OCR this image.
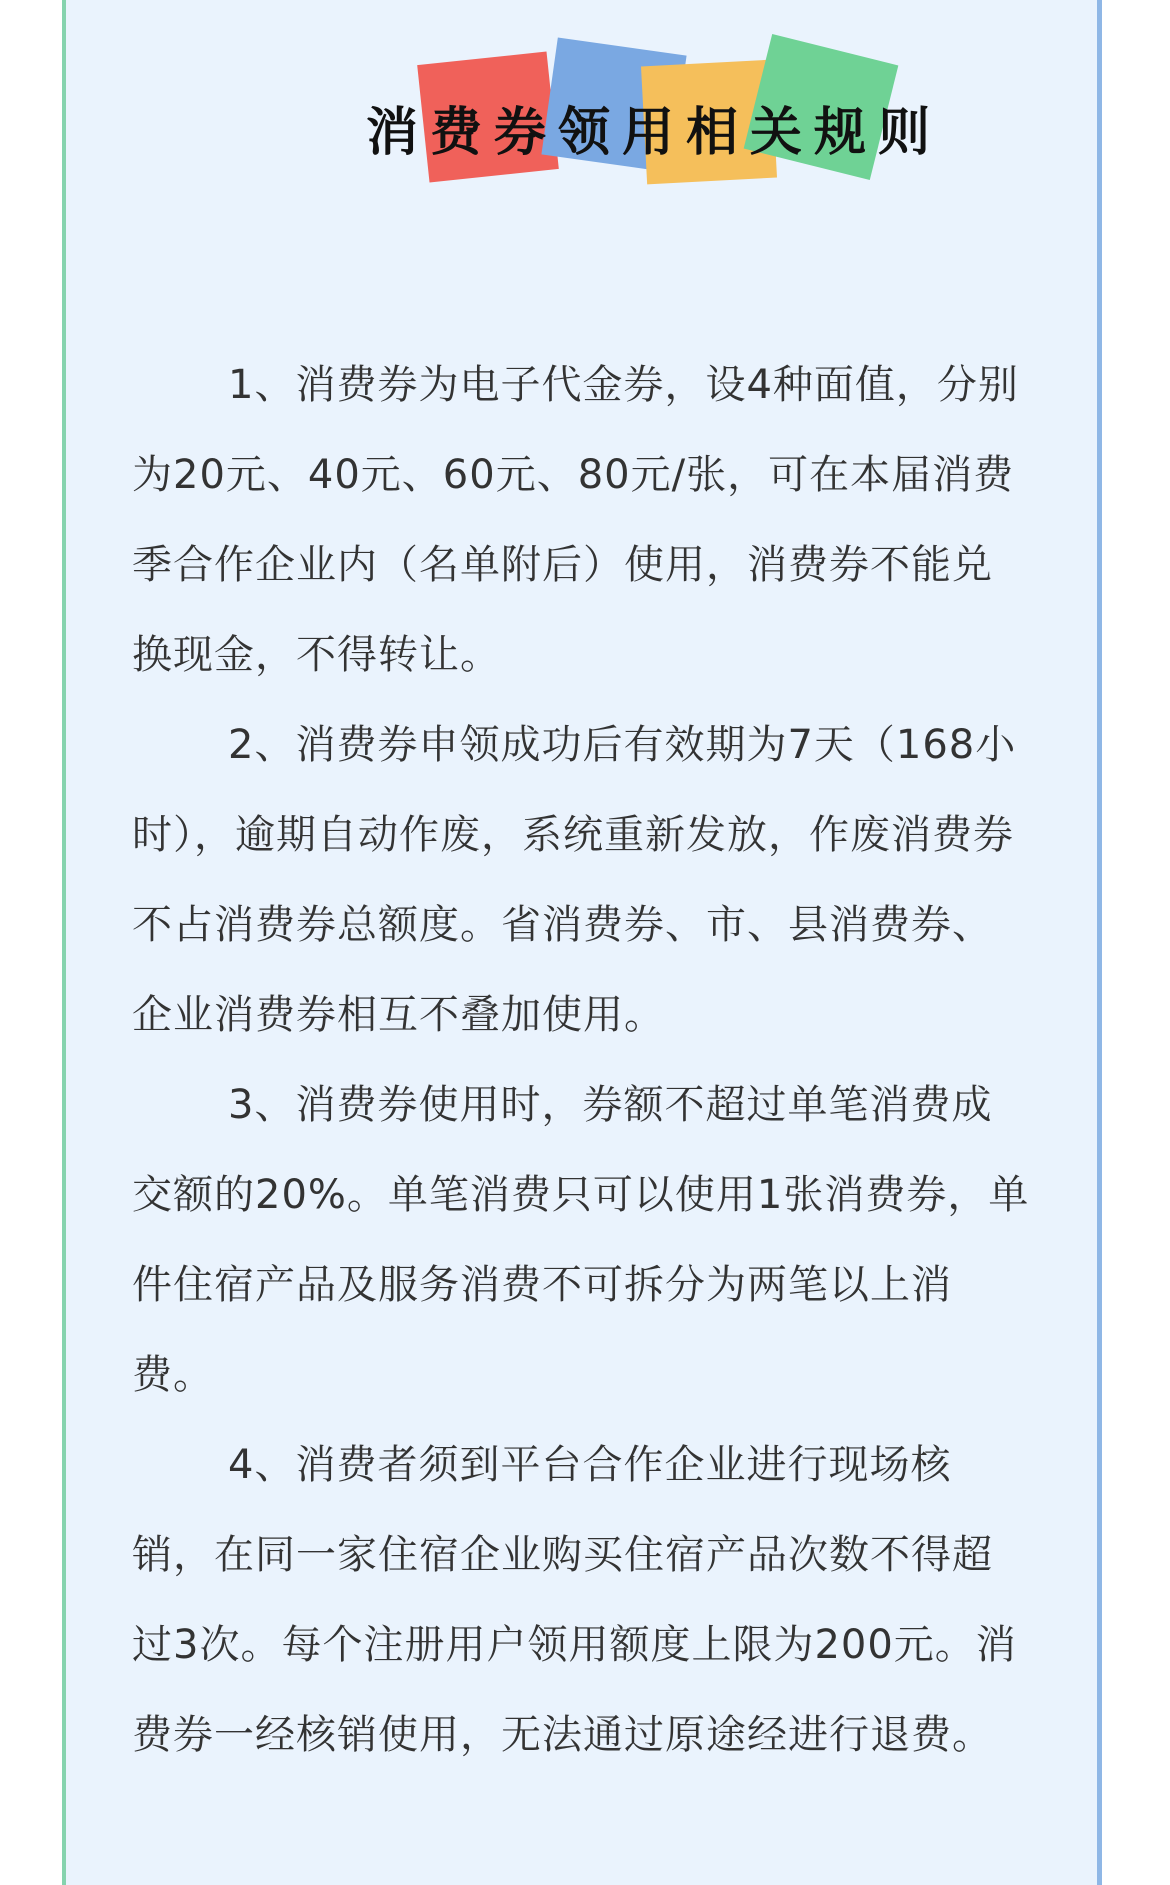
消费券领用相关规则

1、消费券为电子代金券，设4种面值，分别为20元、40元、60元、80元/张，可在本届消费季合作企业内（名单附后）使用，消费券不能兑换现金，不得转让。

2、消费券申领成功后有效期为7天（168小时），逾期自动作废，系统重新发放，作废消费券不占消费券总额度。省消费券、市、县消费券、企业消费券相互不叠加使用。

3、消费券使用时，券额不超过单笔消费成交额的20%。单笔消费只可以使用1张消费券，单件住宿产品及服务消费不可拆分为两笔以上消费。

4、消费者须到平台合作企业进行现场核销，在同一家住宿企业购买住宿产品次数不得超过3次。每个注册用户领用额度上限为200元。消费券一经核销使用，无法通过原途经进行退费。
